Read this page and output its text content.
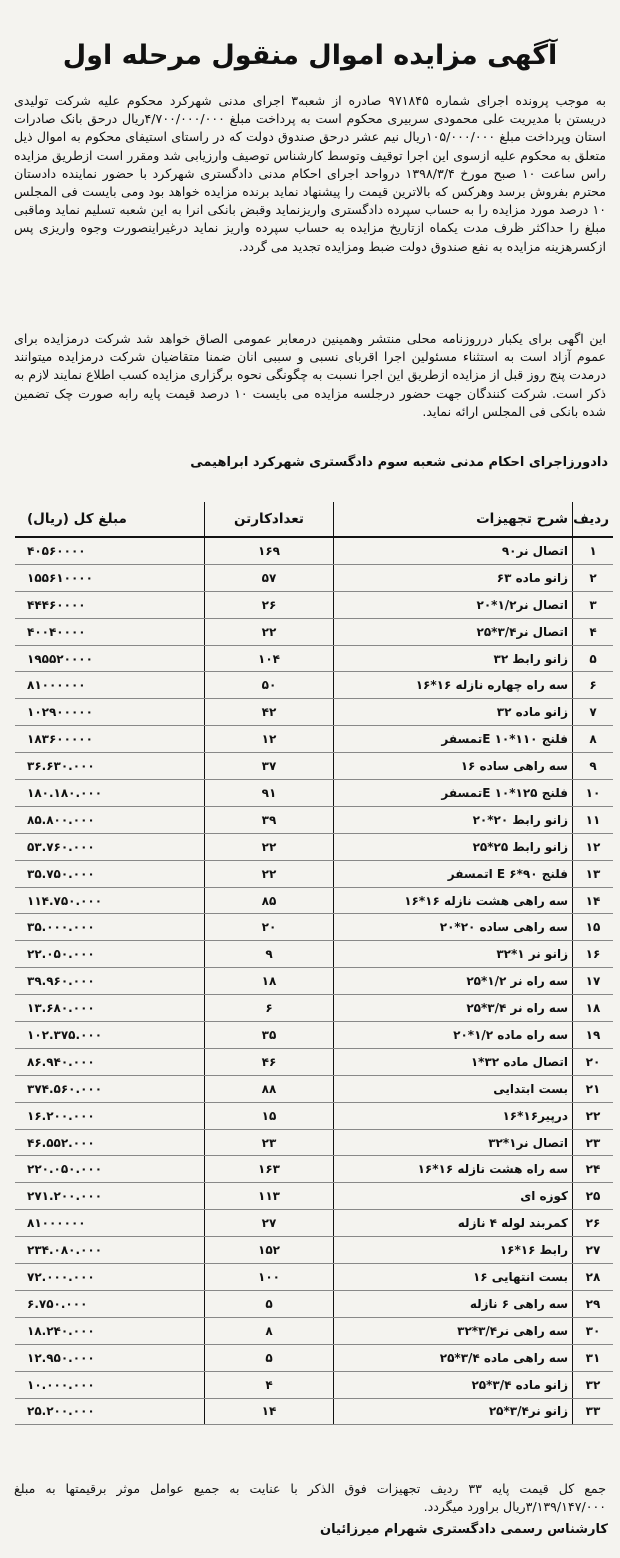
آگهی مزایده اموال منقول مرحله اول
به موجب پرونده اجرای شماره ۹۷۱۸۴۵ صادره از شعبه۳ اجرای مدنی شهرکرد محکوم علیه شرکت تولیدی دریستن با مدیریت علی محمودی سربیری محکوم است به پرداخت مبلغ ۴/۷۰۰/۰۰۰/۰۰۰ریال درحق بانک صادرات استان وپرداخت مبلغ ۱۰۵/۰۰۰/۰۰۰ریال نیم عشر درحق صندوق دولت که در راستای استیفای محکوم به اموال ذیل متعلق به محکوم علیه ازسوی این اجرا توقیف وتوسط کارشناس توصیف وارزیابی شد ومقرر است ازطریق مزایده راس ساعت ۱۰ صبح مورخ ۱۳۹۸/۳/۴ دروا‌حد اجرای احکام مدنی دادگستری شهرکرد با حضور نماینده دادستان محترم بفروش برسد وهرکس که بالاترین قیمت را پیشنهاد نماید برنده مزایده خواهد بود ومی بایست فی المجلس ۱۰ درصد مورد مزایده را به حساب سپرده دادگستری واریزنماید وقبض بانکی انرا به این شعبه تسلیم نماید وماقبی مبلغ را حداکثر ظرف مدت یکماه ازتاریخ مزایده به حساب سپرده واریز نماید درغیراینصورت وجوه واریزی پس ازکسرهزینه مزایده به نفع صندوق دولت ضبط ومزایده تجدید می گردد.
این اگهی برای یکبار درروزنامه محلی منتشر وهمینین درمعابر عمومی الصاق خواهد شد شرکت درمزایده برای عموم آزاد است به استثناء مسئولین اجرا اقربای نسبی و سببی انان ضمنا متقاضیان شرکت درمزایده میتوانند درمدت پنج روز قبل از مزایده ازطریق این اجرا نسبت به چگونگی نحوه برگزاری مزایده کسب اطلاع نمایند لازم به ذکر است. شرکت کنندگان جهت حضور درجلسه مزایده می بایست ۱۰ درصد قیمت پایه رابه صورت چک تضمین شده بانکی فی المجلس ارائه نماید.
دادورزاجرای احکام مدنی شعبه سوم دادگستری شهرکرد ابراهیمی
ردیف	شرح تجهیزات	تعدادکارتن	مبلغ کل (ریال)
۱	اتصال نر۹۰	۱۶۹	۴۰۵۶۰۰۰۰
۲	زانو ماده ۶۳	۵۷	۱۵۵۶۱۰۰۰۰
۳	اتصال نر۱/۲*۲۰	۲۶	۴۴۴۶۰۰۰۰
۴	اتصال نر۳/۴*۲۵	۲۲	۴۰۰۴۰۰۰۰
۵	زانو رابط ۳۲	۱۰۴	۱۹۵۵۲۰۰۰۰
۶	سه راه چهاره نازله ۱۶*۱۶	۵۰	۸۱۰۰۰۰۰۰
۷	زانو ماده ۳۲	۴۲	۱۰۲۹۰۰۰۰۰
۸	فلنج E ۱۰*۱۱۰تمسفر	۱۲	۱۸۳۶۰۰۰۰۰
۹	سه راهی ساده ۱۶	۳۷	۳۶.۶۳۰.۰۰۰
۱۰	فلنج E ۱۰*۱۲۵تمسفر	۹۱	۱۸۰.۱۸۰.۰۰۰
۱۱	زانو رابط ۲۰*۲۰	۳۹	۸۵.۸۰۰.۰۰۰
۱۲	زانو رابط ۲۵*۲۵	۲۲	۵۳.۷۶۰.۰۰۰
۱۳	فلنج E ۶*۹۰ اتمسفر	۲۲	۳۵.۷۵۰.۰۰۰
۱۴	سه راهی هشت نازله ۱۶*۱۶	۸۵	۱۱۴.۷۵۰.۰۰۰
۱۵	سه راهی ساده ۲۰*۲۰	۲۰	۳۵.۰۰۰.۰۰۰
۱۶	زانو نر ۱*۳۲	۹	۲۲.۰۵۰.۰۰۰
۱۷	سه راه نر ۱/۲*۲۵	۱۸	۳۹.۹۶۰.۰۰۰
۱۸	سه راه نر ۳/۴*۲۵	۶	۱۳.۶۸۰.۰۰۰
۱۹	سه راه ماده ۱/۲*۲۰	۳۵	۱۰۲.۳۷۵.۰۰۰
۲۰	اتصال ماده ۳۲*۱	۴۶	۸۶.۹۴۰.۰۰۰
۲۱	بست ابتدایی	۸۸	۳۷۴.۵۶۰.۰۰۰
۲۲	درپیر۱۶*۱۶	۱۵	۱۶.۲۰۰.۰۰۰
۲۳	اتصال نر۱*۳۲	۲۳	۴۶.۵۵۲.۰۰۰
۲۴	سه راه هشت نازله ۱۶*۱۶	۱۶۳	۲۲۰.۰۵۰.۰۰۰
۲۵	کوزه ای	۱۱۳	۲۷۱.۲۰۰.۰۰۰
۲۶	کمربند لوله ۴ نازله	۲۷	۸۱۰۰۰۰۰۰
۲۷	رابط ۱۶*۱۶	۱۵۲	۲۳۴.۰۸۰.۰۰۰
۲۸	بست انتهایی ۱۶	۱۰۰	۷۲.۰۰۰.۰۰۰
۲۹	سه راهی ۶ نازله	۵	۶.۷۵۰.۰۰۰
۳۰	سه راهی نر۳/۴*۳۲	۸	۱۸.۲۴۰.۰۰۰
۳۱	سه راهی ماده ۳/۴*۲۵	۵	۱۲.۹۵۰.۰۰۰
۳۲	زانو ماده ۳/۴*۲۵	۴	۱۰.۰۰۰.۰۰۰
۳۳	زانو نر۳/۴*۲۵	۱۴	۲۵.۲۰۰.۰۰۰
جمع کل قیمت پایه ۳۳ ردیف تجهیزات فوق الذکر با عنایت به جمیع عوامل موثر برقیمتها به مبلغ ۳/۱۳۹/۱۴۷/۰۰۰ریال براورد میگردد.
کارشناس رسمی دادگستری شهرام میرزائیان
